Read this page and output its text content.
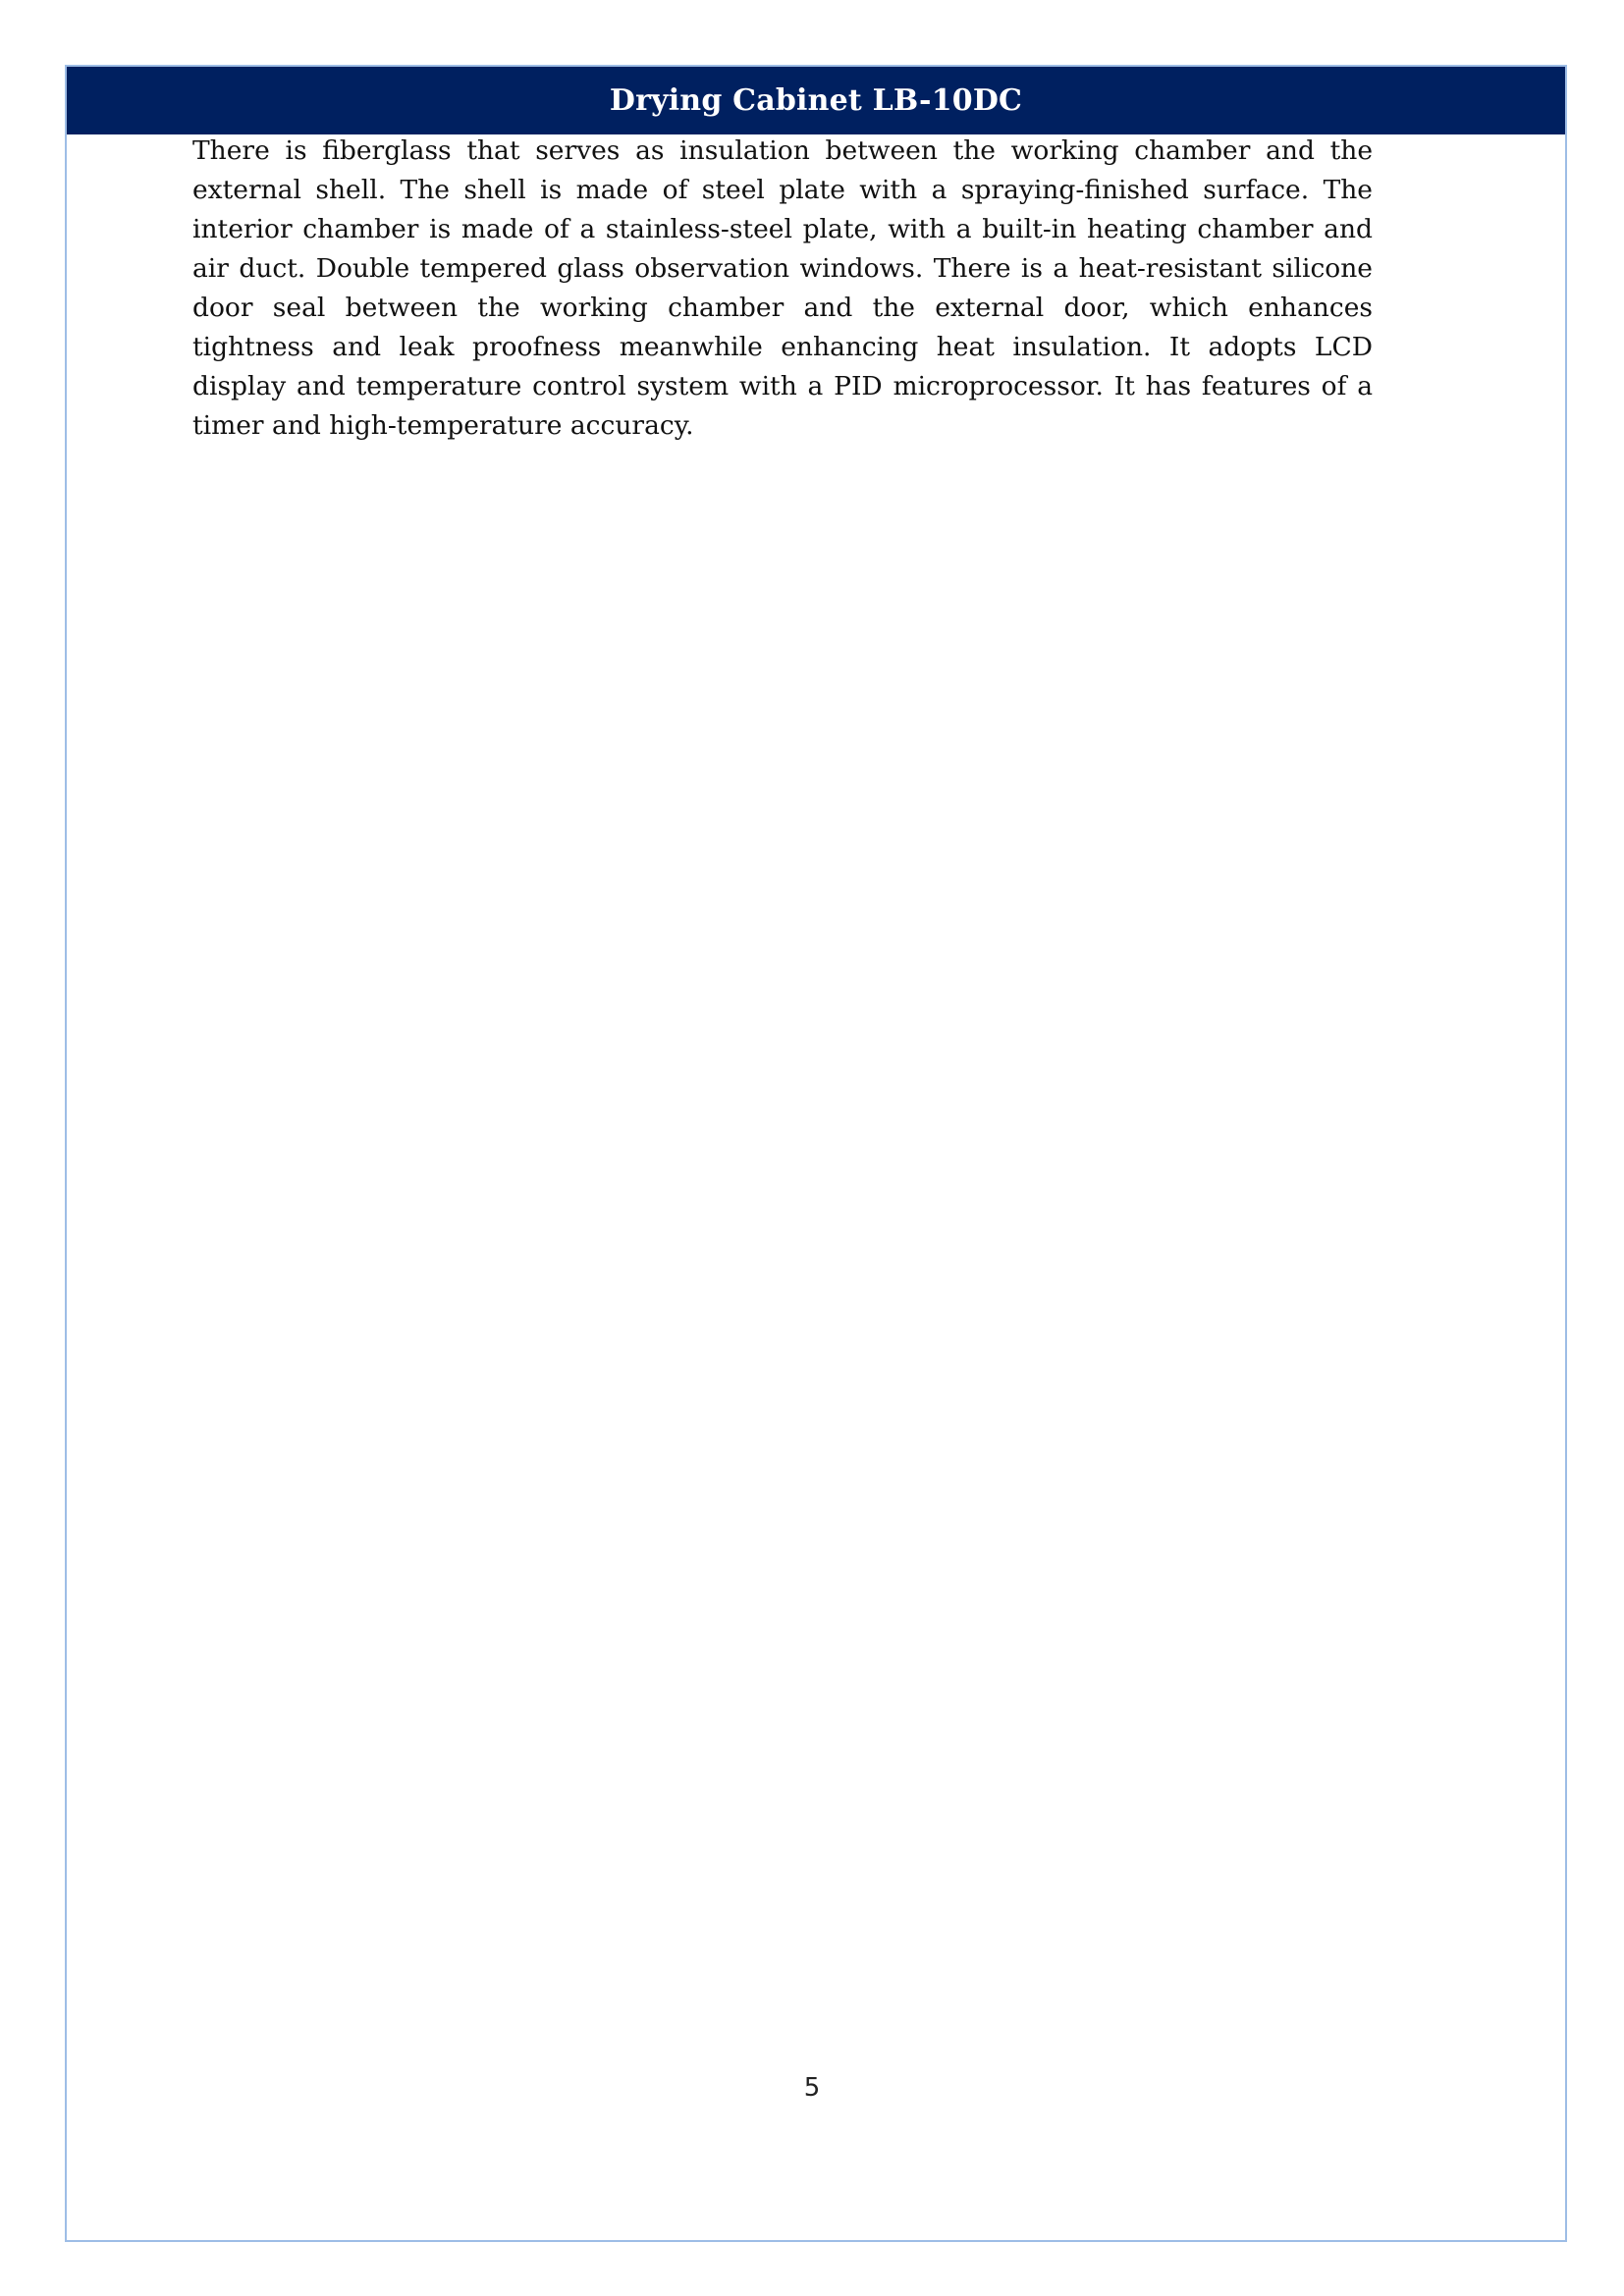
Drying Cabinet LB-10DC

There is fiberglass that serves as insulation between the working chamber and the external shell. The shell is made of steel plate with a spraying-finished surface. The interior chamber is made of a stainless-steel plate, with a built-in heating chamber and air duct. Double tempered glass observation windows. There is a heat-resistant silicone door seal between the working chamber and the external door, which enhances tightness and leak proofness meanwhile enhancing heat insulation. It adopts LCD display and temperature control system with a PID microprocessor. It has features of a timer and high-temperature accuracy.

5
